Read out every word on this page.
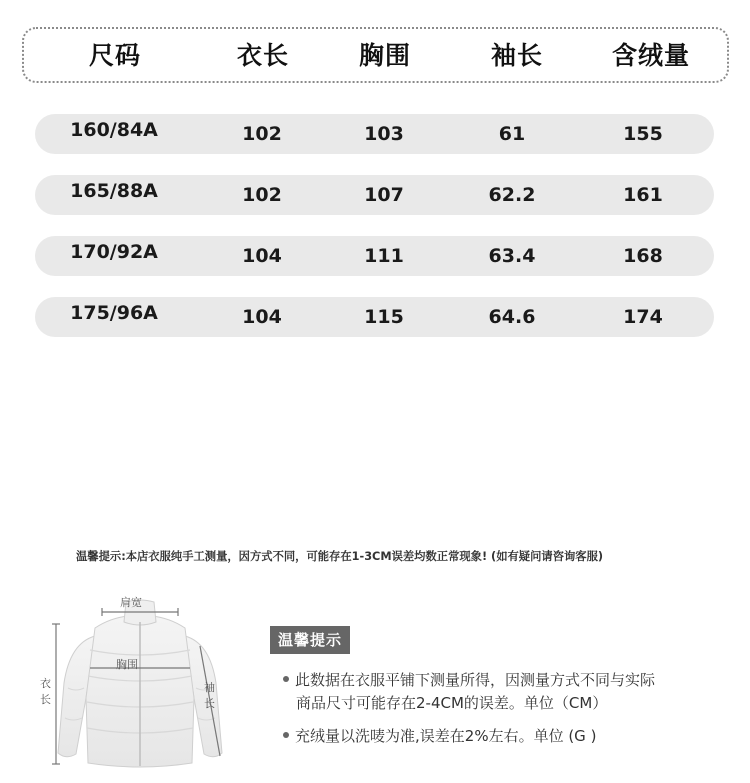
尺码	衣长	胸围	袖长	含绒量
160/84A	102	103	61	155
165/88A	102	107	62.2	161
170/92A	104	111	63.4	168
175/96A	104	115	64.6	174
温馨提示:本店衣服纯手工测量，因方式不同，可能存在1-3CM误差均数正常现象! (如有疑问请咨询客服)
肩宽
胸围
衣长
袖长
温馨提示
此数据在衣服平铺下测量所得，因测量方式不同与实际
商品尺寸可能存在2-4CM的误差。单位（CM）
充绒量以洗唛为准,误差在2%左右。单位 (G )
